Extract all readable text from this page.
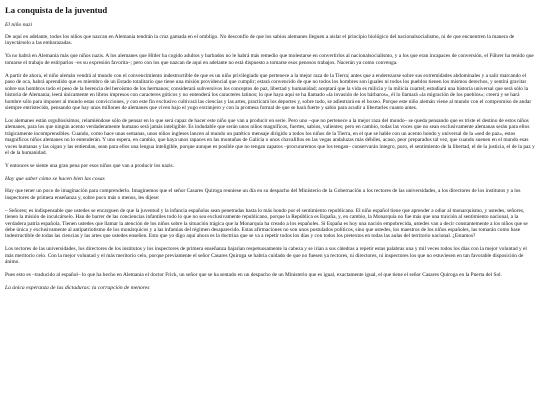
La conquista de la juventud
El niño nazi

De aquí en adelante, todos los niños que nazcan en Alemania tendrán la cruz gamada en el ombligo. No desconfío de que los sabios alemanes lleguen a aislar el principio biológico del nacionalsocialismo, ni de que encuentren la manera de inyectárselo a las embarazadas.

Ya no habrá en Alemania más que niños nazis. A los alemanes que Hitler ha cogido adultos y barbados no le habrá más remedio que molestarse en convertirlos al nacionalsocialismo, y a los que eran incapaces de conversión, el Führer ha tenido que tomarse el trabajo de estirparlos –es su expresión favorita–; pero con los que nazcan de aquí en adelante no está dispuesto a tomarse esos penosos trabajos. Nacerán ya como convenga.

A partir de ahora, el niño alemán vendrá al mundo con el convencimiento indestructible de que es un niño privilegiado que pertenece a la mejor raza de la Tierra; antes que a enderezarse sobre sus extremidades abdominales y a salir marcando el paso de oca, habrá aprendido que es miembro de un Estado totalitario que tiene una misión providencial que cumplir; estará convencido de que no todos los hombres son iguales ni todos los pueblos tienen los mismos derechos, y sentirá gravitar sobre sus hombros todo el peso de la herencia del heroísmo de los hermanos; considerará subversivos los conceptos de paz, libertad y humanidad; aceptará que la vida es milicia y la milicia cuartel; estudiará una historia universal que será sólo la historia de Alemania; leerá únicamente en libros impresos con caracteres góticos y no entenderá los caracteres latinos; lo que haya aquí se ha llamado «la invasión de los bárbaros», él lo llamará «la migración de los pueblos»; creerá y se hará hombre sólo para imponer al mundo estas convicciones, y con este fin exclusivo cultivará las ciencias y las artes, practicará los deportes y, sobre todo, se adiestrará en el boxeo. Porque este niño alemán viene al mundo con el compromiso de andar siempre entristecido, pensando que hay unos millones de alemanes que viven bajo el yugo extranjero y con la promesa formal de que se hará fuerte y sabio para acudir a libertarles cuanto antes.

Los alemanes están orgullosísimos, relamiéndose sólo de pensar en lo que será capaz de hacer este niño que van a producir en serie. Pero uno –que no pertenece a la mejor raza del mundo– se queda pensando que es triste el destino de estos niños alemanes, para los que ningún acento verdaderamente humano será jamás inteligible. Es indudable que serán unos niños magníficos, fuertes, sabios, valientes; pero en cambio, todas las voces que no sean exclusivamente alemanas serán para ellos trágicamente incomprensibles. Cuando, como hace unas semanas, unos niños ingleses lancen al mundo un patético mensaje dirigido a todos los niños de la Tierra, en el que se hable con un acento hondo y universal de la «sed de paz», estos magníficos niños alemanes no lo entenderán. Y uno espera, en cambio, que haya unos rapaces en las montañas de Galicia o unos chavalillos en las vegas andaluzas más débiles, acaso, peor preparados tal vez, que cuando suenen en el mundo esas voces humanas y las oigan y las entiendan, sean para ellos una lengua inteligible, porque aunque es posible que no tengan zapatos –procuraremos que los tengan– conservarán íntegro, puro, el sentimiento de la libertad, el de la justicia, el de la paz y el de la humanidad.

Y entonces se siente una gran pena por esos niños que van a producir los nazis.

Hay que saber cómo se hacen bien las cosas

Hay que tener un poco de imaginación para comprenderlo. Imaginemos que el señor Casares Quiroga reuniese un día en su despacho del Ministerio de la Gobernación a los rectores de las universidades, a los directores de los institutos y a los inspectores de primera enseñanza y, sobre poco más o menos, les dijese:

– Señores; es indispensable que ustedes se encarguen de que la juventud y la infancia españolas sean penetradas hasta lo más hondo por el sentimiento republicano. El niño español tiene que aprender a odiar al monarquismo, y ustedes, señores, tienen la misión de inculcárselo. Han de barrer de las conciencias infantiles todo lo que no sea exclusivamente republicano, porque la República es España, y, en cambio, la Monarquía no fue más que una traición al sentimiento nacional, a la verdadera patria española. Tienen ustedes que llamar la atención de los niños sobre la situación trágica que la Monarquía ha creado a los españoles. Si España es hoy una nación empobrecida, ustedes van a decir constantemente a los niños que se debe única y exclusivamente al antipatriotismo de los monárquicos y a las infamias del régimen desaparecido. Estas afirmaciones no son unos postulados políticos, sino que ustedes, los maestros de los niños españoles, las tomarán como base indestructible de todas las ciencias y las artes que ustedes enseñen. Esto que yo digo aquí ahora es la doctrina que se va a repetir todos los días y con todos los pretextos en todas las aulas del territorio nacional. ¿Estamos?

Los rectores de las universidades, los directores de los institutos y los inspectores de primera enseñanza bajarían respetuosamente la cabeza y se irían a sus cátedras a repetir estas palabras una y mil veces todos los días con la mejor voluntad y el más meritorio celo. Con la mejor voluntad y el más meritorio celo, porque previamente el señor Casares Quiroga se habría cuidado de que no fuesen ya rectores, ni directores, ni inspectores los que no estuviesen en tan favorable disposición de ánimo.

Pues esto es –traducido al español– lo que ha hecho en Alemania el doctor Frick, un señor que se ha sentado en un despacho de un Ministerio que es igual, exactamente igual, el que tiene el señor Casares Quiroga en la Puerta del Sol.

La única esperanza de las dictaduras: la corrupción de menores
